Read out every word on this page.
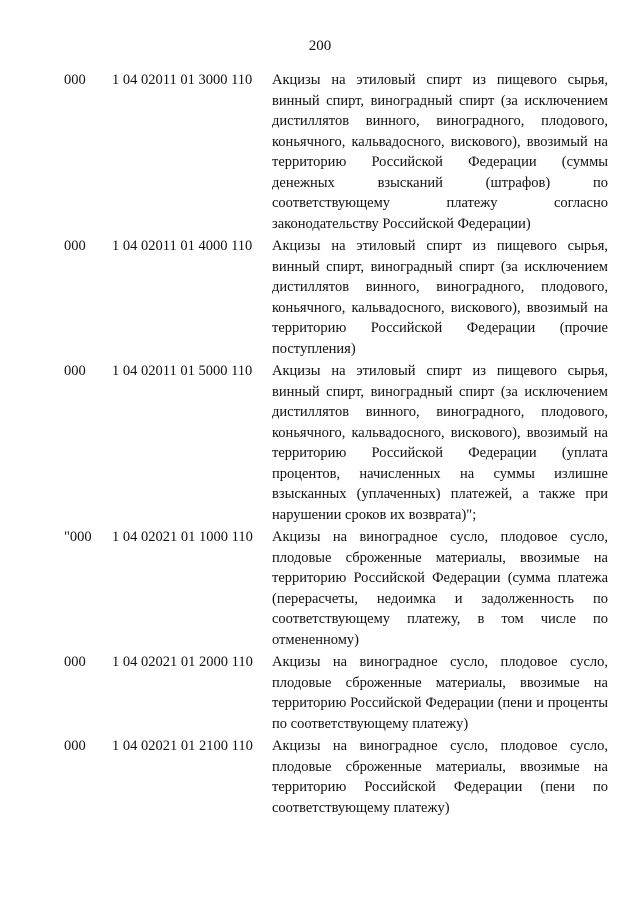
200
000	1 04 02011 01 3000 110	Акцизы на этиловый спирт из пищевого сырья, винный спирт, виноградный спирт (за исключением дистиллятов винного, виноградного, плодового, коньячного, кальвадосного, вискового), ввозимый на территорию Российской Федерации (суммы денежных взысканий (штрафов) по соответствующему платежу согласно законодательству Российской Федерации)
000	1 04 02011 01 4000 110	Акцизы на этиловый спирт из пищевого сырья, винный спирт, виноградный спирт (за исключением дистиллятов винного, виноградного, плодового, коньячного, кальвадосного, вискового), ввозимый на территорию Российской Федерации (прочие поступления)
000	1 04 02011 01 5000 110	Акцизы на этиловый спирт из пищевого сырья, винный спирт, виноградный спирт (за исключением дистиллятов винного, виноградного, плодового, коньячного, кальвадосного, вискового), ввозимый на территорию Российской Федерации (уплата процентов, начисленных на суммы излишне взысканных (уплаченных) платежей, а также при нарушении сроков их возврата)";
"000	1 04 02021 01 1000 110	Акцизы на виноградное сусло, плодовое сусло, плодовые сброженные материалы, ввозимые на территорию Российской Федерации (сумма платежа (перерасчеты, недоимка и задолженность по соответствующему платежу, в том числе по отмененному)
000	1 04 02021 01 2000 110	Акцизы на виноградное сусло, плодовое сусло, плодовые сброженные материалы, ввозимые на территорию Российской Федерации (пени и проценты по соответствующему платежу)
000	1 04 02021 01 2100 110	Акцизы на виноградное сусло, плодовое сусло, плодовые сброженные материалы, ввозимые на территорию Российской Федерации (пени по соответствующему платежу)
